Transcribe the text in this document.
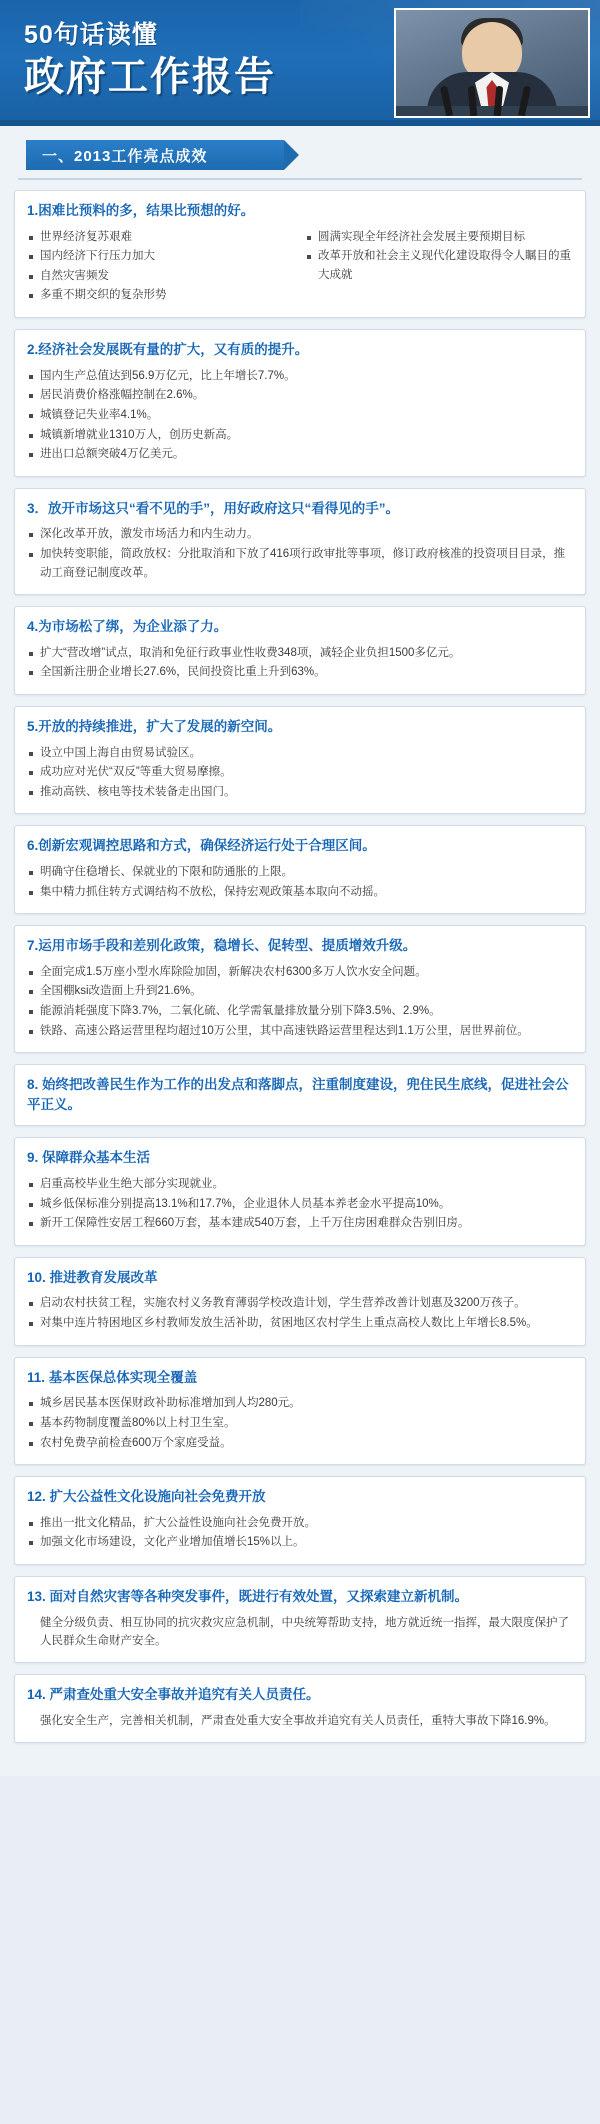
50句话读懂
政府工作报告
一、2013工作亮点成效
1.困难比预料的多，结果比预想的好。
世界经济复苏艰难
国内经济下行压力加大
自然灾害频发
多重不期交织的复杂形势
圆满实现全年经济社会发展主要预期目标
改革开放和社会主义现代化建设取得令人瞩目的重大成就
2.经济社会发展既有量的扩大，又有质的提升。
国内生产总值达到56.9万亿元，比上年增长7.7%。
居民消费价格涨幅控制在2.6%。
城镇登记失业率4.1%。
城镇新增就业1310万人，创历史新高。
进出口总额突破4万亿美元。
3．放开市场这只“看不见的手”，用好政府这只“看得见的手”。
深化改革开放，激发市场活力和内生动力。
加快转变职能，简政放权：分批取消和下放了416项行政审批等事项，修订政府核准的投资项目目录，推动工商登记制度改革。
4.为市场松了绑，为企业添了力。
扩大“营改增”试点，取消和免征行政事业性收费348项，减轻企业负担1500多亿元。
全国新注册企业增长27.6%，民间投资比重上升到63%。
5.开放的持续推进，扩大了发展的新空间。
设立中国上海自由贸易试验区。
成功应对光伏“双反”等重大贸易摩擦。
推动高铁、核电等技术装备走出国门。
6.创新宏观调控思路和方式，确保经济运行处于合理区间。
明确守住稳增长、保就业的下限和防通胀的上限。
集中精力抓住转方式调结构不放松，保持宏观政策基本取向不动摇。
7.运用市场手段和差别化政策，稳增长、促转型、提质增效升级。
全面完成1.5万座小型水库除险加固，新解决农村6300多万人饮水安全问题。
全国棚ksi改造面上升到21.6%。
能源消耗强度下降3.7%，二氧化硫、化学需氧量排放量分别下降3.5%、2.9%。
铁路、高速公路运营里程均超过10万公里，其中高速铁路运营里程达到1.1万公里，居世界前位。
8. 始终把改善民生作为工作的出发点和落脚点，注重制度建设，兜住民生底线，促进社会公平正义。
9. 保障群众基本生活
启重高校毕业生绝大部分实现就业。
城乡低保标准分别提高13.1%和17.7%，企业退休人员基本养老金水平提高10%。
新开工保障性安居工程660万套，基本建成540万套，上千万住房困难群众告别旧房。
10. 推进教育发展改革
启动农村扶贫工程，实施农村义务教育薄弱学校改造计划，学生营养改善计划惠及3200万孩子。
对集中连片特困地区乡村教师发放生活补助，贫困地区农村学生上重点高校人数比上年增长8.5%。
11. 基本医保总体实现全覆盖
城乡居民基本医保财政补助标准增加到人均280元。
基本药物制度覆盖80%以上村卫生室。
农村免费孕前检查600万个家庭受益。
12. 扩大公益性文化设施向社会免费开放
推出一批文化精品，扩大公益性设施向社会免费开放。
加强文化市场建设，文化产业增加值增长15%以上。
13. 面对自然灾害等各种突发事件，既进行有效处置，又探索建立新机制。
健全分级负责、相互协同的抗灾救灾应急机制，中央统筹帮助支持，地方就近统一指挥，最大限度保护了人民群众生命财产安全。
14. 严肃查处重大安全事故并追究有关人员责任。
强化安全生产，完善相关机制，严肃查处重大安全事故并追究有关人员责任，重特大事故下降16.9%。
